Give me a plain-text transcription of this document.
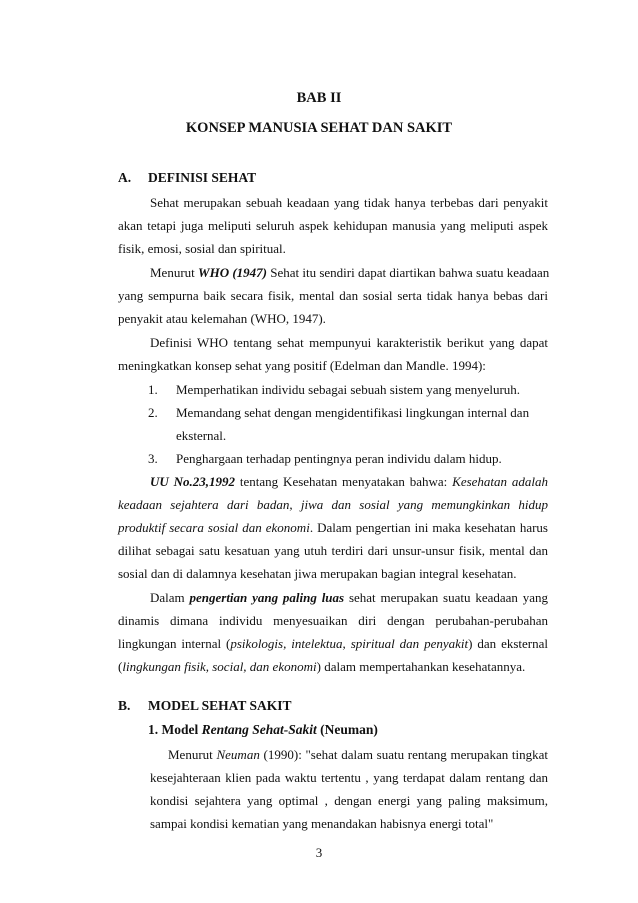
BAB II
KONSEP MANUSIA SEHAT DAN SAKIT
A. DEFINISI SEHAT
Sehat merupakan sebuah keadaan yang tidak hanya terbebas dari penyakit
akan tetapi juga meliputi seluruh aspek kehidupan manusia yang meliputi aspek
fisik, emosi, sosial dan spiritual.
Menurut WHO (1947) Sehat itu sendiri dapat diartikan bahwa suatu keadaan
yang sempurna baik secara fisik, mental dan sosial serta tidak hanya bebas dari
penyakit atau kelemahan (WHO, 1947).
Definisi WHO tentang sehat mempunyui karakteristik berikut yang dapat
meningkatkan konsep sehat yang positif (Edelman dan Mandle. 1994):
1. Memperhatikan individu sebagai sebuah sistem yang menyeluruh.
2. Memandang sehat dengan mengidentifikasi lingkungan internal dan
eksternal.
3. Penghargaan terhadap pentingnya peran individu dalam hidup.
UU No.23,1992 tentang Kesehatan menyatakan bahwa: Kesehatan adalah
keadaan sejahtera dari badan, jiwa dan sosial yang memungkinkan hidup
produktif secara sosial dan ekonomi. Dalam pengertian ini maka kesehatan harus
dilihat sebagai satu kesatuan yang utuh terdiri dari unsur-unsur fisik, mental dan
sosial dan di dalamnya kesehatan jiwa merupakan bagian integral kesehatan.
Dalam pengertian yang paling luas sehat merupakan suatu keadaan yang
dinamis dimana individu menyesuaikan diri dengan perubahan-perubahan
lingkungan internal (psikologis, intelektua, spiritual dan penyakit) dan eksternal
(lingkungan fisik, social, dan ekonomi) dalam mempertahankan kesehatannya.
B. MODEL SEHAT SAKIT
1. Model Rentang Sehat-Sakit (Neuman)
Menurut Neuman (1990): "sehat dalam suatu rentang merupakan tingkat
kesejahteraan klien pada waktu tertentu , yang terdapat dalam rentang dan
kondisi sejahtera yang optimal , dengan energi yang paling maksimum,
sampai kondisi kematian yang menandakan habisnya energi total"
3
